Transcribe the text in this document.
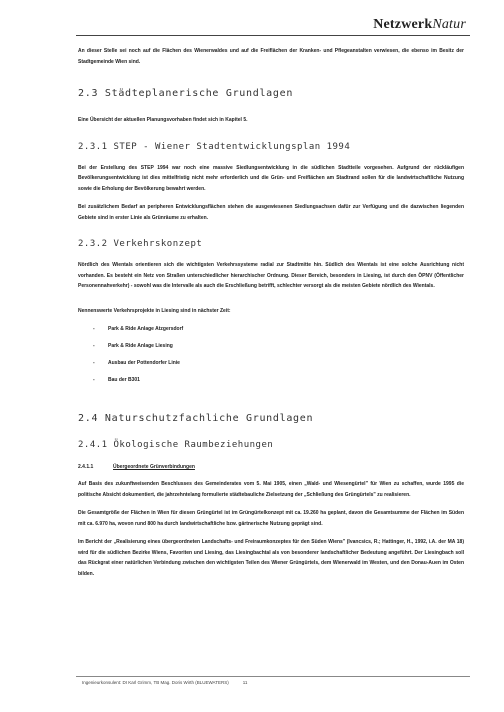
NetzwerkNatur

An dieser Stelle sei noch auf die Flächen des Wienerwaldes und auf die Freiflächen der Kranken- und Pflegeanstalten verwiesen, die ebenso im Besitz der Stadtgemeinde Wien sind.

2.3 Städteplanerische Grundlagen

Eine Übersicht der aktuellen Planungsvorhaben findet sich in Kapitel 5.

2.3.1 STEP - Wiener Stadtentwicklungsplan 1994

Bei der Erstellung des STEP 1994 war noch eine massive Siedlungsentwicklung in die südlichen Stadtteile vorgesehen. Aufgrund der rückläufigen Bevölkerungsentwicklung ist dies mittelfristig nicht mehr erforderlich und die Grün- und Freiflächen am Stadtrand sollen für die landwirtschaftliche Nutzung sowie die Erholung der Bevölkerung bewahrt werden.

Bei zusätzlichem Bedarf an peripheren Entwicklungsflächen stehen die ausgewiesenen Siedlungsachsen dafür zur Verfügung und die dazwischen liegenden Gebiete sind in erster Linie als Grünräume zu erhalten.

2.3.2 Verkehrskonzept

Nördlich des Wientals orientieren sich die wichtigsten Verkehrssysteme radial zur Stadtmitte hin. Südlich des Wientals ist eine solche Ausrichtung nicht vorhanden. Es besteht ein Netz von Straßen unterschiedlicher hierarchischer Ordnung. Dieser Bereich, besonders in Liesing, ist durch den ÖPNV (Öffentlicher Personennahverkehr) - sowohl was die Intervalle als auch die Erschließung betrifft, schlechter versorgt als die meisten Gebiete nördlich des Wientals.

Nennenswerte Verkehrsprojekte in Liesing sind in nächster Zeit:

-	Park & Ride Anlage Atzgersdorf
-	Park & Ride Anlage Liesing
-	Ausbau der Pottendorfer Linie
-	Bau der B301
2.4 Naturschutzfachliche Grundlagen
2.4.1 Ökologische Raumbeziehungen
2.4.1.1	Übergeordnete Grünverbindungen

Auf Basis des zukunftweisenden Beschlusses des Gemeinderates vom 5. Mai 1905, einen „Wald- und Wiesengürtel" für Wien zu schaffen, wurde 1995 die politische Absicht dokumentiert, die jahrzehntelang formulierte städtebauliche Zielsetzung der „Schließung des Grüngürtels" zu realisieren.

Die Gesamtgröße der Flächen in Wien für diesen Grüngürtel ist im Grüngürtelkonzept mit ca. 19.260 ha geplant, davon die Gesamtsumme der Flächen im Süden mit ca. 6.970 ha, wovon rund 800 ha durch landwirtschaftliche bzw. gärtnerische Nutzung geprägt sind.

Im Bericht der „Realisierung eines übergeordneten Landschafts- und Freiraumkonzeptes für den Süden Wiens" (Ivancsics, R.; Hattinger, H., 1992, i.A. der MA 18) wird für die südlichen Bezirke Wiens, Favoriten und Liesing, das Liesingbachtal als von besonderer landschaftlicher Bedeutung angeführt. Der Liesingbach soll das Rückgrat einer natürlichen Verbindung zwischen den wichtigsten Teilen des Wiener Grüngürtels, dem Wienerwald im Westen, und den Donau-Auen im Osten bilden.

Ingenieurkonsulent: DI Karl Grimm, TB Mag. Doris Wirth (BLUEWATERS)	11
